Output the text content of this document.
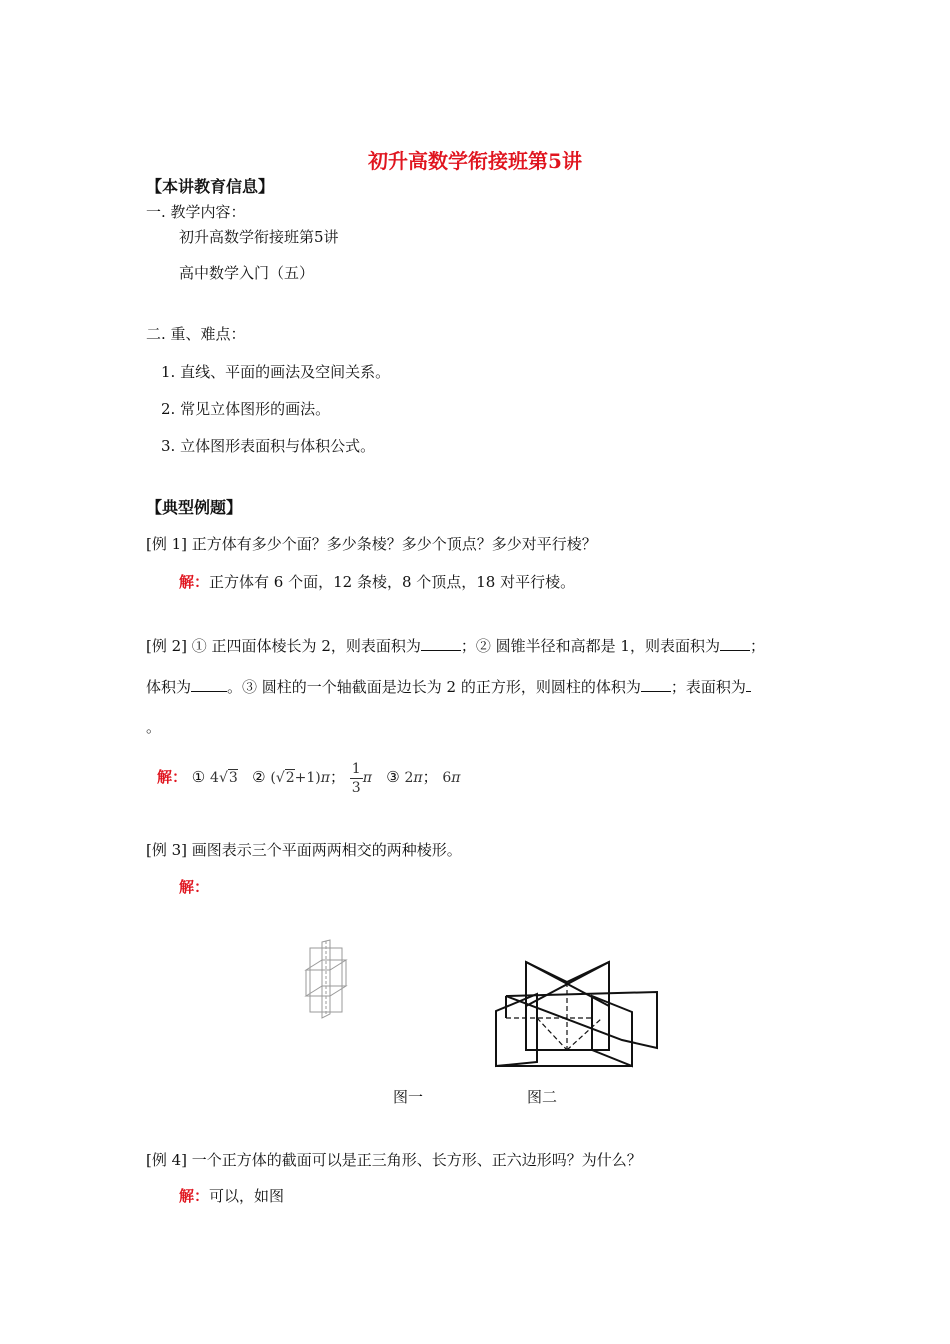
初升高数学衔接班第5讲
【本讲教育信息】
一. 教学内容：
初升高数学衔接班第5讲
高中数学入门（五）
二. 重、难点：
1. 直线、平面的画法及空间关系。
2. 常见立体图形的画法。
3. 立体图形表面积与体积公式。
【典型例题】
[例 1] 正方体有多少个面？多少条棱？多少个顶点？多少对平行棱？
解：正方体有 6 个面，12 条棱，8 个顶点，18 对平行棱。
[例 2] ① 正四面体棱长为 2，则表面积为	；② 圆锥半径和高都是 1，则表面积为 ；
体积为 。③ 圆柱的一个轴截面是边长为 2 的正方形，则圆柱的体积为 ；表面积为
。
解： ① 4√3 ② (√2+1)π； $\frac{1}{3}$ π ③ 2π； 6π
[例 3] 画图表示三个平面两两相交的两种棱形。
解：
图一	图二
[例 4] 一个正方体的截面可以是正三角形、长方形、正六边形吗？为什么？
解：可以，如图
